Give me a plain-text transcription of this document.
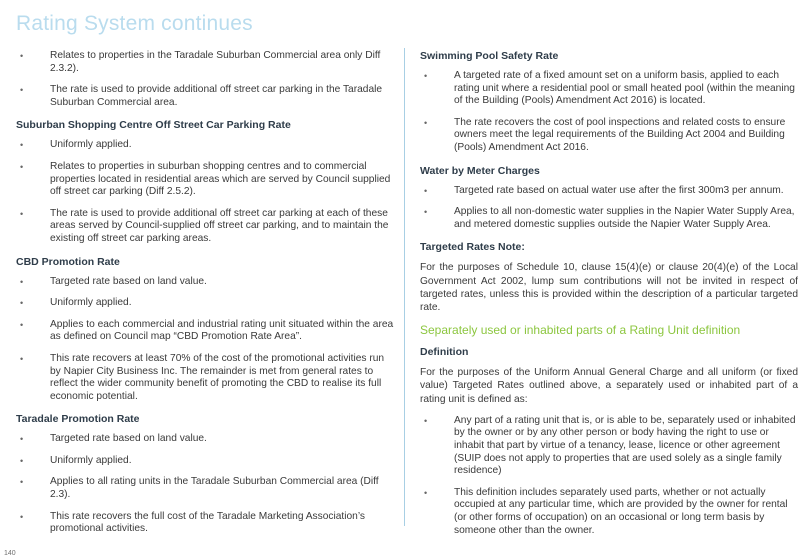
Rating System continues
•	Relates to properties in the Taradale Suburban Commercial area only Diff 2.3.2).
•	The rate is used to provide additional off street car parking in the Taradale Suburban Commercial area.
Suburban Shopping Centre Off Street Car Parking Rate
•	Uniformly applied.
•	Relates to properties in suburban shopping centres and to commercial properties located in residential areas which are served by Council supplied off street car parking (Diff 2.5.2).
•	The rate is used to provide additional off street car parking at each of these areas served by Council-supplied off street car parking, and to maintain the existing off street car parking areas.
CBD Promotion Rate
•	Targeted rate based on land value.
•	Uniformly applied.
•	Applies to each commercial and industrial rating unit situated within the area as defined on Council map “CBD Promotion Rate Area”.
•	This rate recovers at least 70% of the cost of the promotional activities run by Napier City Business Inc. The remainder is met from general rates to reflect the wider community benefit of promoting the CBD to realise its full economic potential.
Taradale Promotion Rate
•	Targeted rate based on land value.
•	Uniformly applied.
•	Applies to all rating units in the Taradale Suburban Commercial area (Diff 2.3).
•	This rate recovers the full cost of the Taradale Marketing Association’s promotional activities.
Swimming Pool Safety Rate
•	A targeted rate of a fixed amount set on a uniform basis, applied to each rating unit where a residential pool or small heated pool (within the meaning of the Building (Pools) Amendment Act 2016) is located.
•	The rate recovers the cost of pool inspections and related costs to ensure owners meet the legal requirements of the Building Act 2004 and Building (Pools) Amendment Act 2016.
Water by Meter Charges
•	Targeted rate based on actual water use after the first 300m3 per annum.
•	Applies to all non-domestic water supplies in the Napier Water Supply Area, and metered domestic supplies outside the Napier Water Supply Area.
Targeted Rates Note:

For the purposes of Schedule 10, clause 15(4)(e) or clause 20(4)(e) of the Local Government Act 2002, lump sum contributions will not be invited in respect of targeted rates, unless this is provided within the description of a particular targeted rate.

Separately used or inhabited parts of a Rating Unit definition
Definition

For the purposes of the Uniform Annual General Charge and all uniform (or fixed value) Targeted Rates outlined above, a separately used or inhabited part of a rating unit is defined as:

•	Any part of a rating unit that is, or is able to be, separately used or inhabited by the owner or by any other person or body having the right to use or inhabit that part by virtue of a tenancy, lease, licence or other agreement (SUIP does not apply to properties that are used solely as a single family residence)
•	This definition includes separately used parts, whether or not actually occupied at any particular time, which are provided by the owner for rental (or other forms of occupation) on an occasional or long term basis by someone other than the owner.
140
